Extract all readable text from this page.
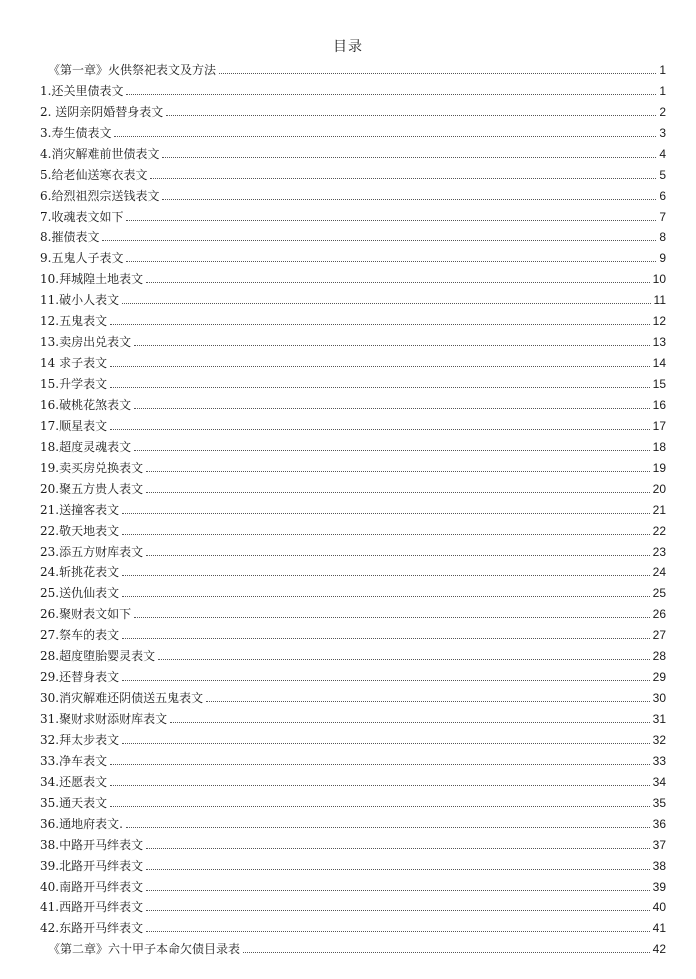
目录
《第一章》火供祭祀表文及方法	1
1.还关里债表文	1
2. 送阴亲阴婚替身表文	2
3.寿生债表文	3
4.消灾解难前世债表文	4
5.给老仙送寒衣表文	5
6.给烈祖烈宗送钱表文	6
7.收魂表文如下	7
8.摧债表文	8
9.五鬼人子表文	9
10.拜城隍土地表文	10
11.破小人表文	11
12.五鬼表文	12
13.卖房出兑表文	13
14 求子表文	14
15.升学表文	15
16.破桃花煞表文	16
17.顺星表文	17
18.超度灵魂表文	18
19.卖买房兑换表文	19
20.聚五方贵人表文	20
21.送撞客表文	21
22.敬天地表文	22
23.添五方财库表文	23
24.斩挑花表文	24
25.送仇仙表文	25
26.聚财表文如下	26
27.祭车的表文	27
28.超度堕胎婴灵表文	28
29.还替身表文	29
30.消灾解难还阴债送五鬼表文	30
31.聚财求财添财库表文	31
32.拜太步表文	32
33.净车表文	33
34.还愿表文	34
35.通天表文	35
36.通地府表文.	36
38.中路开马绊表文	37
39.北路开马绊表文	38
40.南路开马绊表文	39
41.西路开马绊表文	40
42.东路开马绊表文	41
《第二章》六十甲子本命欠债目录表	42
